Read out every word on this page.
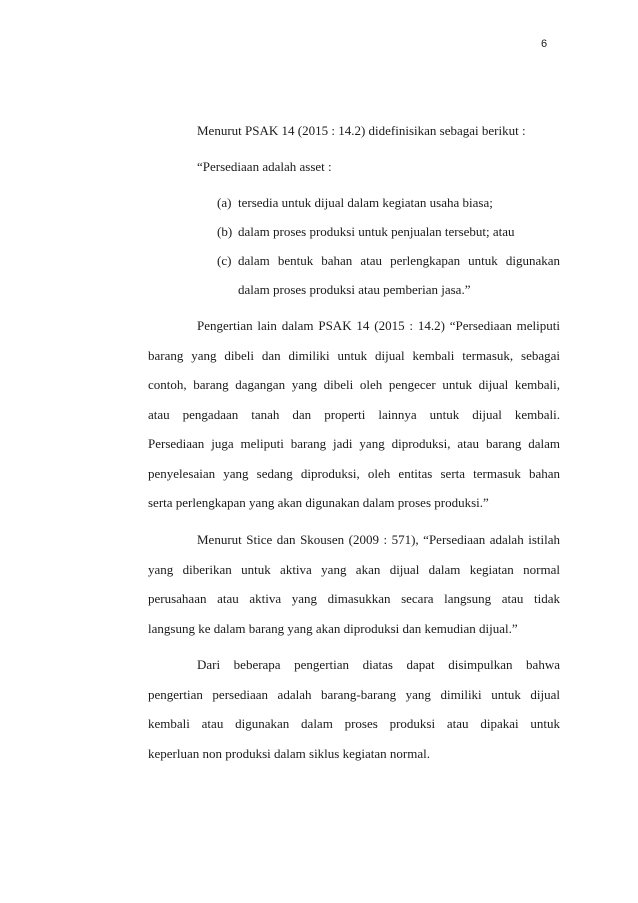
6
Menurut PSAK 14 (2015 : 14.2) didefinisikan sebagai berikut :
“Persediaan adalah asset :
(a) tersedia untuk dijual dalam kegiatan usaha biasa;
(b) dalam proses produksi untuk penjualan tersebut; atau
(c) dalam bentuk bahan atau perlengkapan untuk digunakan
dalam proses produksi atau pemberian jasa.”
Pengertian lain dalam PSAK 14 (2015 : 14.2) “Persediaan meliputi
barang yang dibeli dan dimiliki untuk dijual kembali termasuk, sebagai
contoh, barang dagangan yang dibeli oleh pengecer untuk dijual kembali,
atau pengadaan tanah dan properti lainnya untuk dijual kembali.
Persediaan juga meliputi barang jadi yang diproduksi, atau barang dalam
penyelesaian yang sedang diproduksi, oleh entitas serta termasuk bahan
serta perlengkapan yang akan digunakan dalam proses produksi.”
Menurut Stice dan Skousen (2009 : 571), “Persediaan adalah istilah
yang diberikan untuk aktiva yang akan dijual dalam kegiatan normal
perusahaan atau aktiva yang dimasukkan secara langsung atau tidak
langsung ke dalam barang yang akan diproduksi dan kemudian dijual.”
Dari beberapa pengertian diatas dapat disimpulkan bahwa
pengertian persediaan adalah barang-barang yang dimiliki untuk dijual
kembali atau digunakan dalam proses produksi atau dipakai untuk
keperluan non produksi dalam siklus kegiatan normal.
